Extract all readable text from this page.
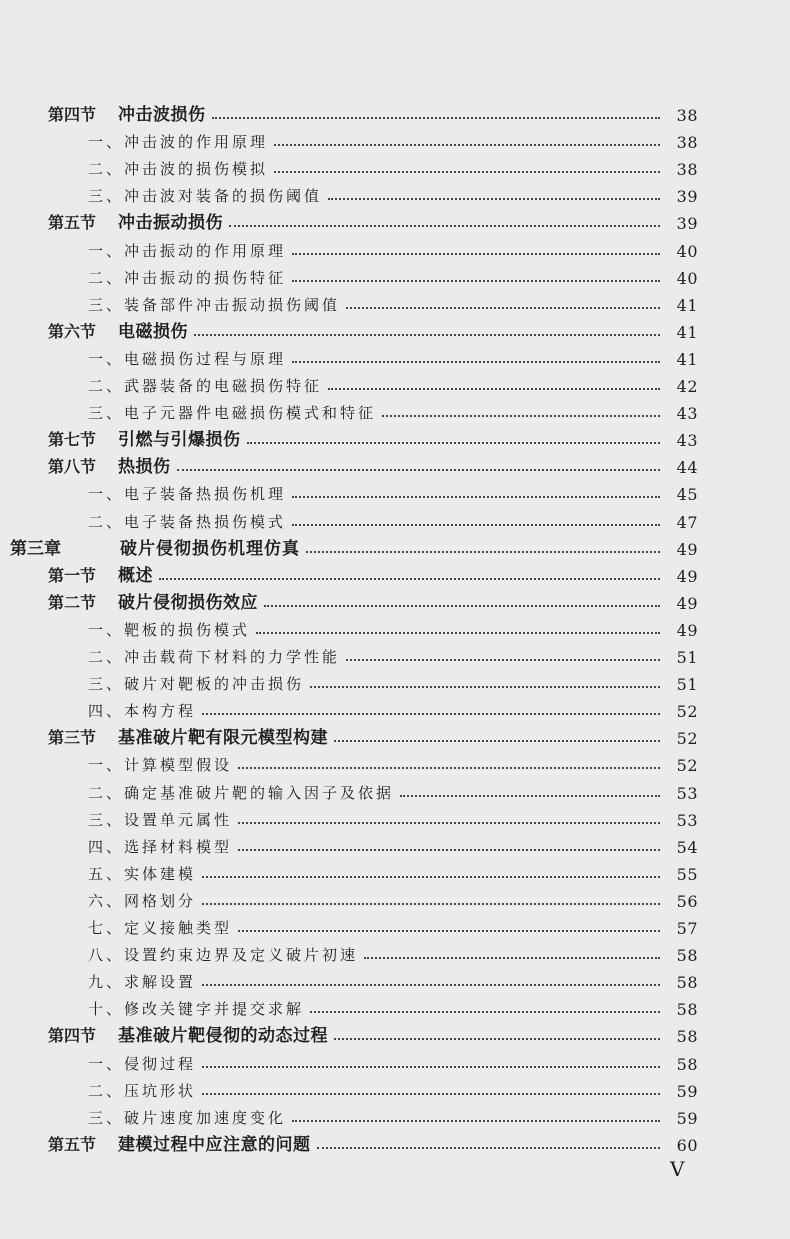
第四节	冲击波损伤	38
一、冲击波的作用原理	38
二、冲击波的损伤模拟	38
三、冲击波对装备的损伤阈值	39
第五节	冲击振动损伤	39
一、冲击振动的作用原理	40
二、冲击振动的损伤特征	40
三、装备部件冲击振动损伤阈值	41
第六节	电磁损伤	41
一、电磁损伤过程与原理	41
二、武器装备的电磁损伤特征	42
三、电子元器件电磁损伤模式和特征	43
第七节	引燃与引爆损伤	43
第八节	热损伤	44
一、电子装备热损伤机理	45
二、电子装备热损伤模式	47
第三章	破片侵彻损伤机理仿真	49
第一节	概述	49
第二节	破片侵彻损伤效应	49
一、靶板的损伤模式	49
二、冲击载荷下材料的力学性能	51
三、破片对靶板的冲击损伤	51
四、本构方程	52
第三节	基准破片靶有限元模型构建	52
一、计算模型假设	52
二、确定基准破片靶的输入因子及依据	53
三、设置单元属性	53
四、选择材料模型	54
五、实体建模	55
六、网格划分	56
七、定义接触类型	57
八、设置约束边界及定义破片初速	58
九、求解设置	58
十、修改关键字并提交求解	58
第四节	基准破片靶侵彻的动态过程	58
一、侵彻过程	58
二、压坑形状	59
三、破片速度加速度变化	59
第五节	建模过程中应注意的问题	60
V
